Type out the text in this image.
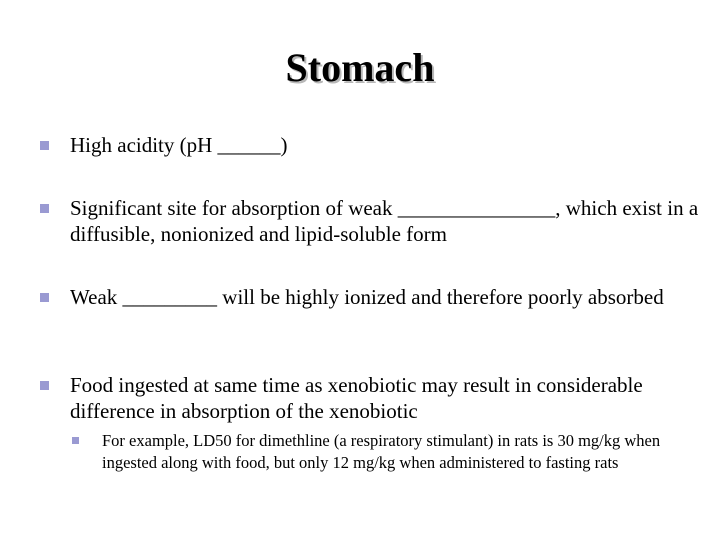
Stomach
High acidity (pH ______)
Significant site for absorption of weak _______________, which exist in a diffusible, nonionized and lipid-soluble form
Weak _________ will be highly ionized and therefore poorly absorbed
Food ingested at same time as xenobiotic may result in considerable difference in absorption of the xenobiotic
For example, LD50 for dimethline (a respiratory stimulant) in rats is 30 mg/kg when ingested along with food, but only 12 mg/kg when administered to fasting rats
